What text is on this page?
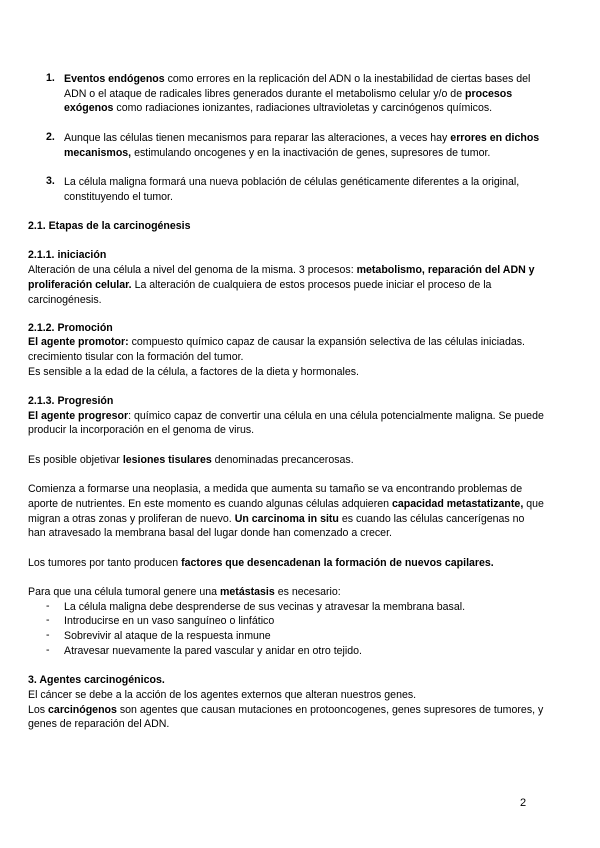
1. Eventos endógenos como errores en la replicación del ADN o la inestabilidad de ciertas bases del

ADN o el ataque de radicales libres generados durante el metabolismo celular y/o de procesos

exógenos como radiaciones ionizantes, radiaciones ultravioletas y carcinógenos químicos.

2. Aunque las células tienen mecanismos para reparar las alteraciones, a veces hay errores en dichos

mecanismos, estimulando oncogenes y en la inactivación de genes, supresores de tumor.

3. La célula maligna formará una nueva población de células genéticamente diferentes a la original,

constituyendo el tumor.

2.1. Etapas de la carcinogénesis

2.1.1. iniciación

Alteración de una célula a nivel del genoma de la misma. 3 procesos: metabolismo, reparación del ADN y

proliferación celular. La alteración de cualquiera de estos procesos puede iniciar el proceso de la

carcinogénesis.

2.1.2. Promoción

El agente promotor: compuesto químico capaz de causar la expansión selectiva de las células iniciadas.

crecimiento tisular con la formación del tumor.

Es sensible a la edad de la célula, a factores de la dieta y hormonales.

2.1.3. Progresión

El agente progresor: químico capaz de convertir una célula en una célula potencialmente maligna. Se puede

producir la incorporación en el genoma de virus.

Es posible objetivar lesiones tisulares denominadas precancerosas.

Comienza a formarse una neoplasia, a medida que aumenta su tamaño se va encontrando problemas de

aporte de nutrientes. En este momento es cuando algunas células adquieren capacidad metastatizante, que

migran a otras zonas y proliferan de nuevo. Un carcinoma in situ es cuando las células cancerígenas no

han atravesado la membrana basal del lugar donde han comenzado a crecer.

Los tumores por tanto producen factores que desencadenan la formación de nuevos capilares.

Para que una célula tumoral genere una metástasis es necesario:

- La célula maligna debe desprenderse de sus vecinas y atravesar la membrana basal.

- Introducirse en un vaso sanguíneo o linfático

- Sobrevivir al ataque de la respuesta inmune

- Atravesar nuevamente la pared vascular y anidar en otro tejido.

3. Agentes carcinogénicos.

El cáncer se debe a la acción de los agentes externos que alteran nuestros genes.

Los carcinógenos son agentes que causan mutaciones en protooncogenes, genes supresores de tumores, y

genes de reparación del ADN.

2
